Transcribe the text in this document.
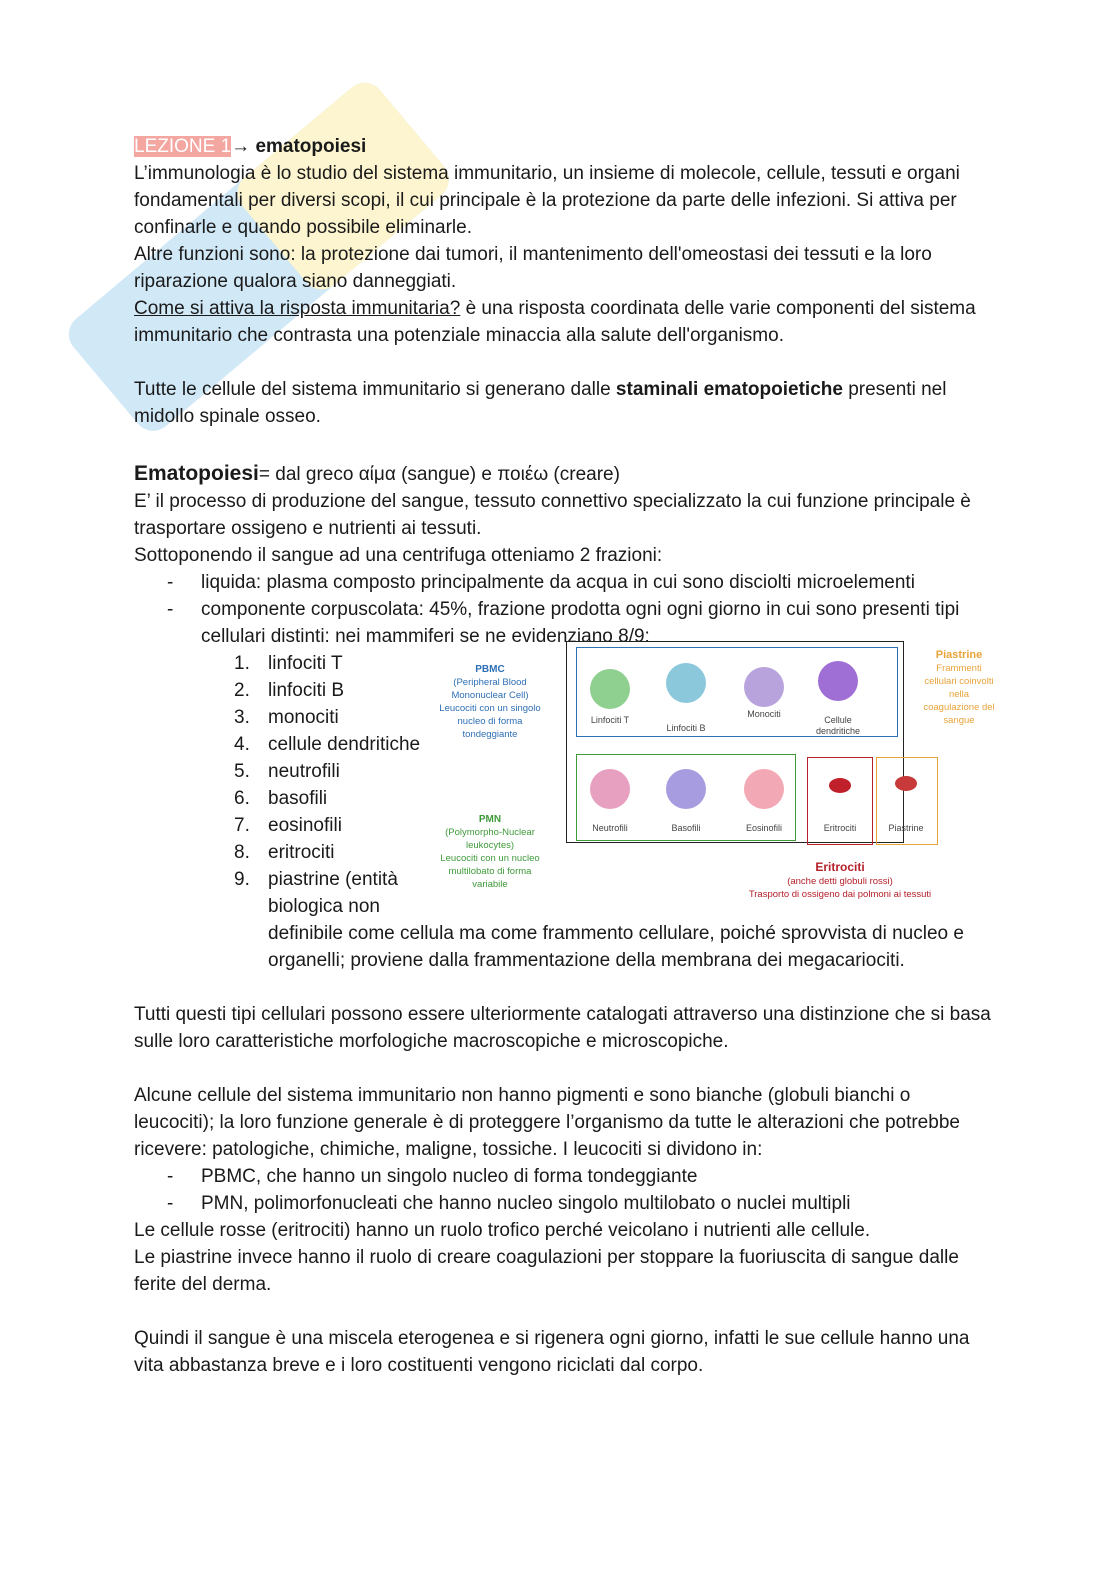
LEZIONE 1→ ematopoiesi

L’immunologia è lo studio del sistema immunitario, un insieme di molecole, cellule, tessuti e organi fondamentali per diversi scopi, il cui principale è la protezione da parte delle infezioni. Si attiva per confinarle e quando possibile eliminarle.

Altre funzioni sono: la protezione dai tumori, il mantenimento dell'omeostasi dei tessuti e la loro riparazione qualora siano danneggiati.

Come si attiva la risposta immunitaria? è una risposta coordinata delle varie componenti del sistema immunitario che contrasta una potenziale minaccia alla salute dell'organismo.

Tutte le cellule del sistema immunitario si generano dalle staminali ematopoietiche presenti nel midollo spinale osseo.

Ematopoiesi= dal greco αίμα (sangue) e ποιέω (creare)

E’ il processo di produzione del sangue, tessuto connettivo specializzato la cui funzione principale è trasportare ossigeno e nutrienti ai tessuti.

Sottoponendo il sangue ad una centrifuga otteniamo 2 frazioni:

- liquida: plasma composto principalmente da acqua in cui sono disciolti microelementi

- componente corpuscolata: 45%, frazione prodotta ogni ogni giorno in cui sono presenti tipi cellulari distinti: nei mammiferi se ne evidenziano 8/9:

PBMC
(Peripheral Blood Mononuclear Cell)
Leucociti con un singolo nucleo di forma tondeggiante
PMN
(Polymorpho-Nuclear leukocytes)
Leucociti con un nucleo multilobato di forma variabile
Piastrine
Frammenti cellulari coinvolti nella coagulazione del sangue
Eritrociti
(anche detti globuli rossi)
Trasporto di ossigeno dai polmoni ai tessuti
Linfociti T
Linfociti B
Monociti
Cellule dendritiche
Neutrofili	Basofili	Eosinofili	Eritrociti	Piastrine

1. linfociti T

2. linfociti B

3. monociti

4. cellule dendritiche

5. neutrofili

6. basofili

7. eosinofili

8. eritrociti

9. piastrine (entità biologica non

definibile come cellula ma come frammento cellulare, poiché sprovvista di nucleo e organelli; proviene dalla frammentazione della membrana dei megacariociti.

Tutti questi tipi cellulari possono essere ulteriormente catalogati attraverso una distinzione che si basa sulle loro caratteristiche morfologiche macroscopiche e microscopiche.

Alcune cellule del sistema immunitario non hanno pigmenti e sono bianche (globuli bianchi o leucociti); la loro funzione generale è di proteggere l’organismo da tutte le alterazioni che potrebbe ricevere: patologiche, chimiche, maligne, tossiche. I leucociti si dividono in:

- PBMC, che hanno un singolo nucleo di forma tondeggiante

- PMN, polimorfonucleati che hanno nucleo singolo multilobato o nuclei multipli

Le cellule rosse (eritrociti) hanno un ruolo trofico perché veicolano i nutrienti alle cellule.

Le piastrine invece hanno il ruolo di creare coagulazioni per stoppare la fuoriuscita di sangue dalle ferite del derma.

Quindi il sangue è una miscela eterogenea e si rigenera ogni giorno, infatti le sue cellule hanno una vita abbastanza breve e i loro costituenti vengono riciclati dal corpo.
